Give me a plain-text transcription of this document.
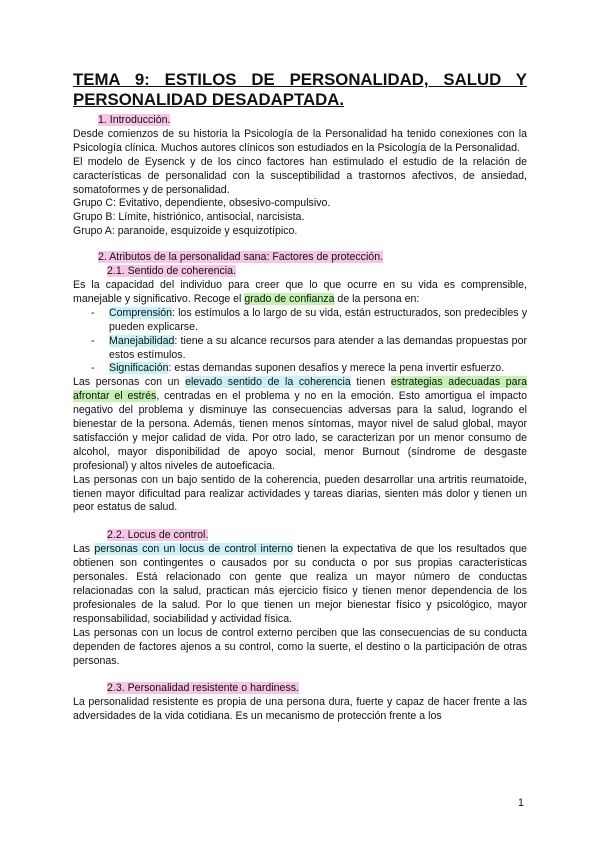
TEMA 9: ESTILOS DE PERSONALIDAD, SALUD Y
PERSONALIDAD DESADAPTADA.

1. Introducción.

Desde comienzos de su historia la Psicología de la Personalidad ha tenido conexiones con la Psicología clínica. Muchos autores clínicos son estudiados en la Psicología de la Personalidad.

El modelo de Eysenck y de los cinco factores han estimulado el estudio de la relación de características de personalidad con la susceptibilidad a trastornos afectivos, de ansiedad, somatoformes y de personalidad.

Grupo C: Evitativo, dependiente, obsesivo-compulsivo.

Grupo B: Límite, histriónico, antisocial, narcisista.

Grupo A: paranoide, esquizoide y esquizotípico.

2. Atributos de la personalidad sana: Factores de protección.

2.1. Sentido de coherencia.

Es la capacidad del individuo para creer que lo que ocurre en su vida es comprensible, manejable y significativo. Recoge el grado de confianza de la persona en:

- Comprensión: los estímulos a lo largo de su vida, están estructurados, son predecibles y pueden explicarse.
- Manejabilidad: tiene a su alcance recursos para atender a las demandas propuestas por estos estímulos.
- Significación: estas demandas suponen desafíos y merece la pena invertir esfuerzo.

Las personas con un elevado sentido de la coherencia tienen estrategias adecuadas para afrontar el estrés, centradas en el problema y no en la emoción. Esto amortigua el impacto negativo del problema y disminuye las consecuencias adversas para la salud, logrando el bienestar de la persona. Además, tienen menos síntomas, mayor nivel de salud global, mayor satisfacción y mejor calidad de vida. Por otro lado, se caracterizan por un menor consumo de alcohol, mayor disponibilidad de apoyo social, menor Burnout (síndrome de desgaste profesional) y altos niveles de autoeficacia.

Las personas con un bajo sentido de la coherencia, pueden desarrollar una artritis reumatoide, tienen mayor dificultad para realizar actividades y tareas diarias, sienten más dolor y tienen un peor estatus de salud.

2.2. Locus de control.

Las personas con un locus de control interno tienen la expectativa de que los resultados que obtienen son contingentes o causados por su conducta o por sus propias características personales. Está relacionado con gente que realiza un mayor número de conductas relacionadas con la salud, practican más ejercicio físico y tienen menor dependencia de los profesionales de la salud. Por lo que tienen un mejor bienestar físico y psicológico, mayor responsabilidad, sociabilidad y actividad física.

Las personas con un locus de control externo perciben que las consecuencias de su conducta dependen de factores ajenos a su control, como la suerte, el destino o la participación de otras personas.

2.3. Personalidad resistente o hardiness.

La personalidad resistente es propia de una persona dura, fuerte y capaz de hacer frente a las adversidades de la vida cotidiana. Es un mecanismo de protección frente a los

1
